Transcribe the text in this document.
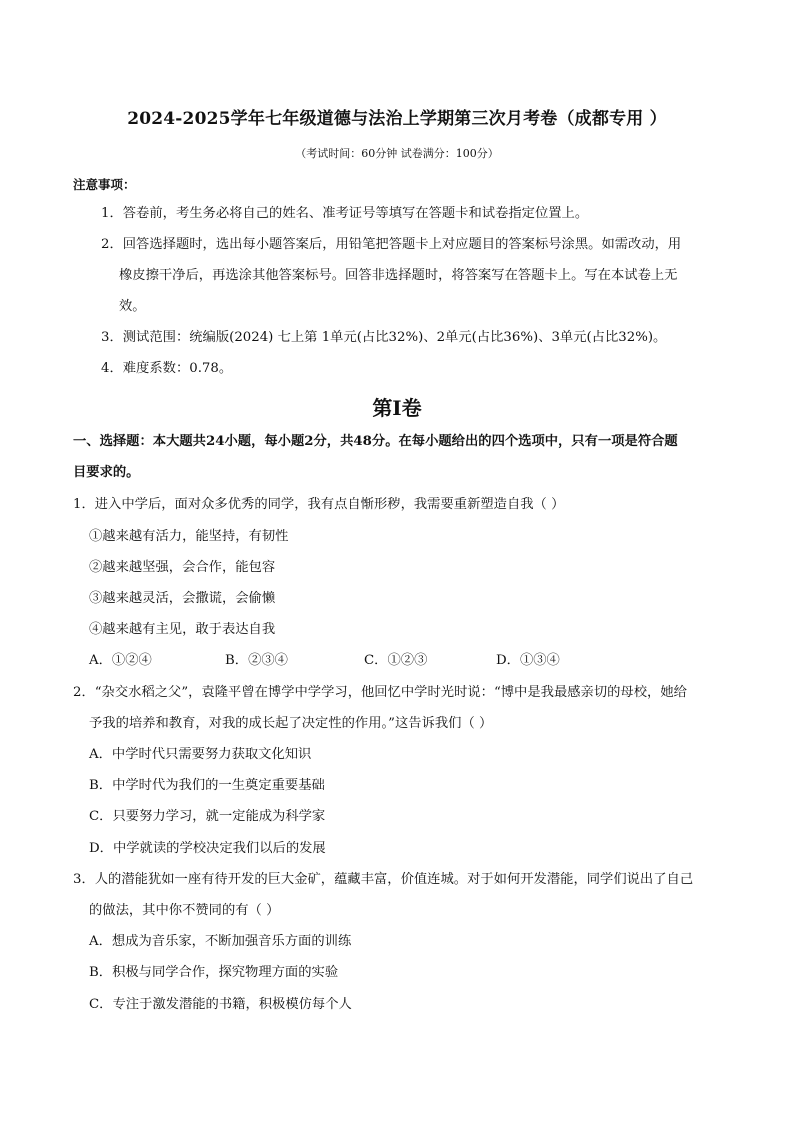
2024-2025学年七年级道德与法治上学期第三次月考卷（成都专用 ）
（考试时间：60分钟 试卷满分：100分）
注意事项：
1．答卷前，考生务必将自己的姓名、准考证号等填写在答题卡和试卷指定位置上。
2．回答选择题时，选出每小题答案后，用铅笔把答题卡上对应题目的答案标号涂黑。如需改动，用
橡皮擦干净后，再选涂其他答案标号。回答非选择题时，将答案写在答题卡上。写在本试卷上无
效。
3．测试范围：统编版(2024) 七上第 1单元(占比32%)、2单元(占比36%)、3单元(占比32%)。
4．难度系数：0.78。
第I卷
一、选择题：本大题共24小题，每小题2分，共48分。在每小题给出的四个选项中，只有一项是符合题
目要求的。
1．进入中学后，面对众多优秀的同学，我有点自惭形秽，我需要重新塑造自我（ ）
①越来越有活力，能坚持，有韧性
②越来越坚强，会合作，能包容
③越来越灵活，会撒谎，会偷懒
④越来越有主见，敢于表达自我
A．①②④	B．②③④	C．①②③	D．①③④
2．“杂交水稻之父”，袁隆平曾在博学中学学习，他回忆中学时光时说：“博中是我最感亲切的母校，她给
予我的培养和教育，对我的成长起了决定性的作用。”这告诉我们（ ）
A．中学时代只需要努力获取文化知识
B．中学时代为我们的一生奠定重要基础
C．只要努力学习，就一定能成为科学家
D．中学就读的学校决定我们以后的发展
3．人的潜能犹如一座有待开发的巨大金矿，蕴藏丰富，价值连城。对于如何开发潜能，同学们说出了自己
的做法，其中你不赞同的有（ ）
A．想成为音乐家，不断加强音乐方面的训练
B．积极与同学合作，探究物理方面的实验
C．专注于激发潜能的书籍，积极模仿每个人
